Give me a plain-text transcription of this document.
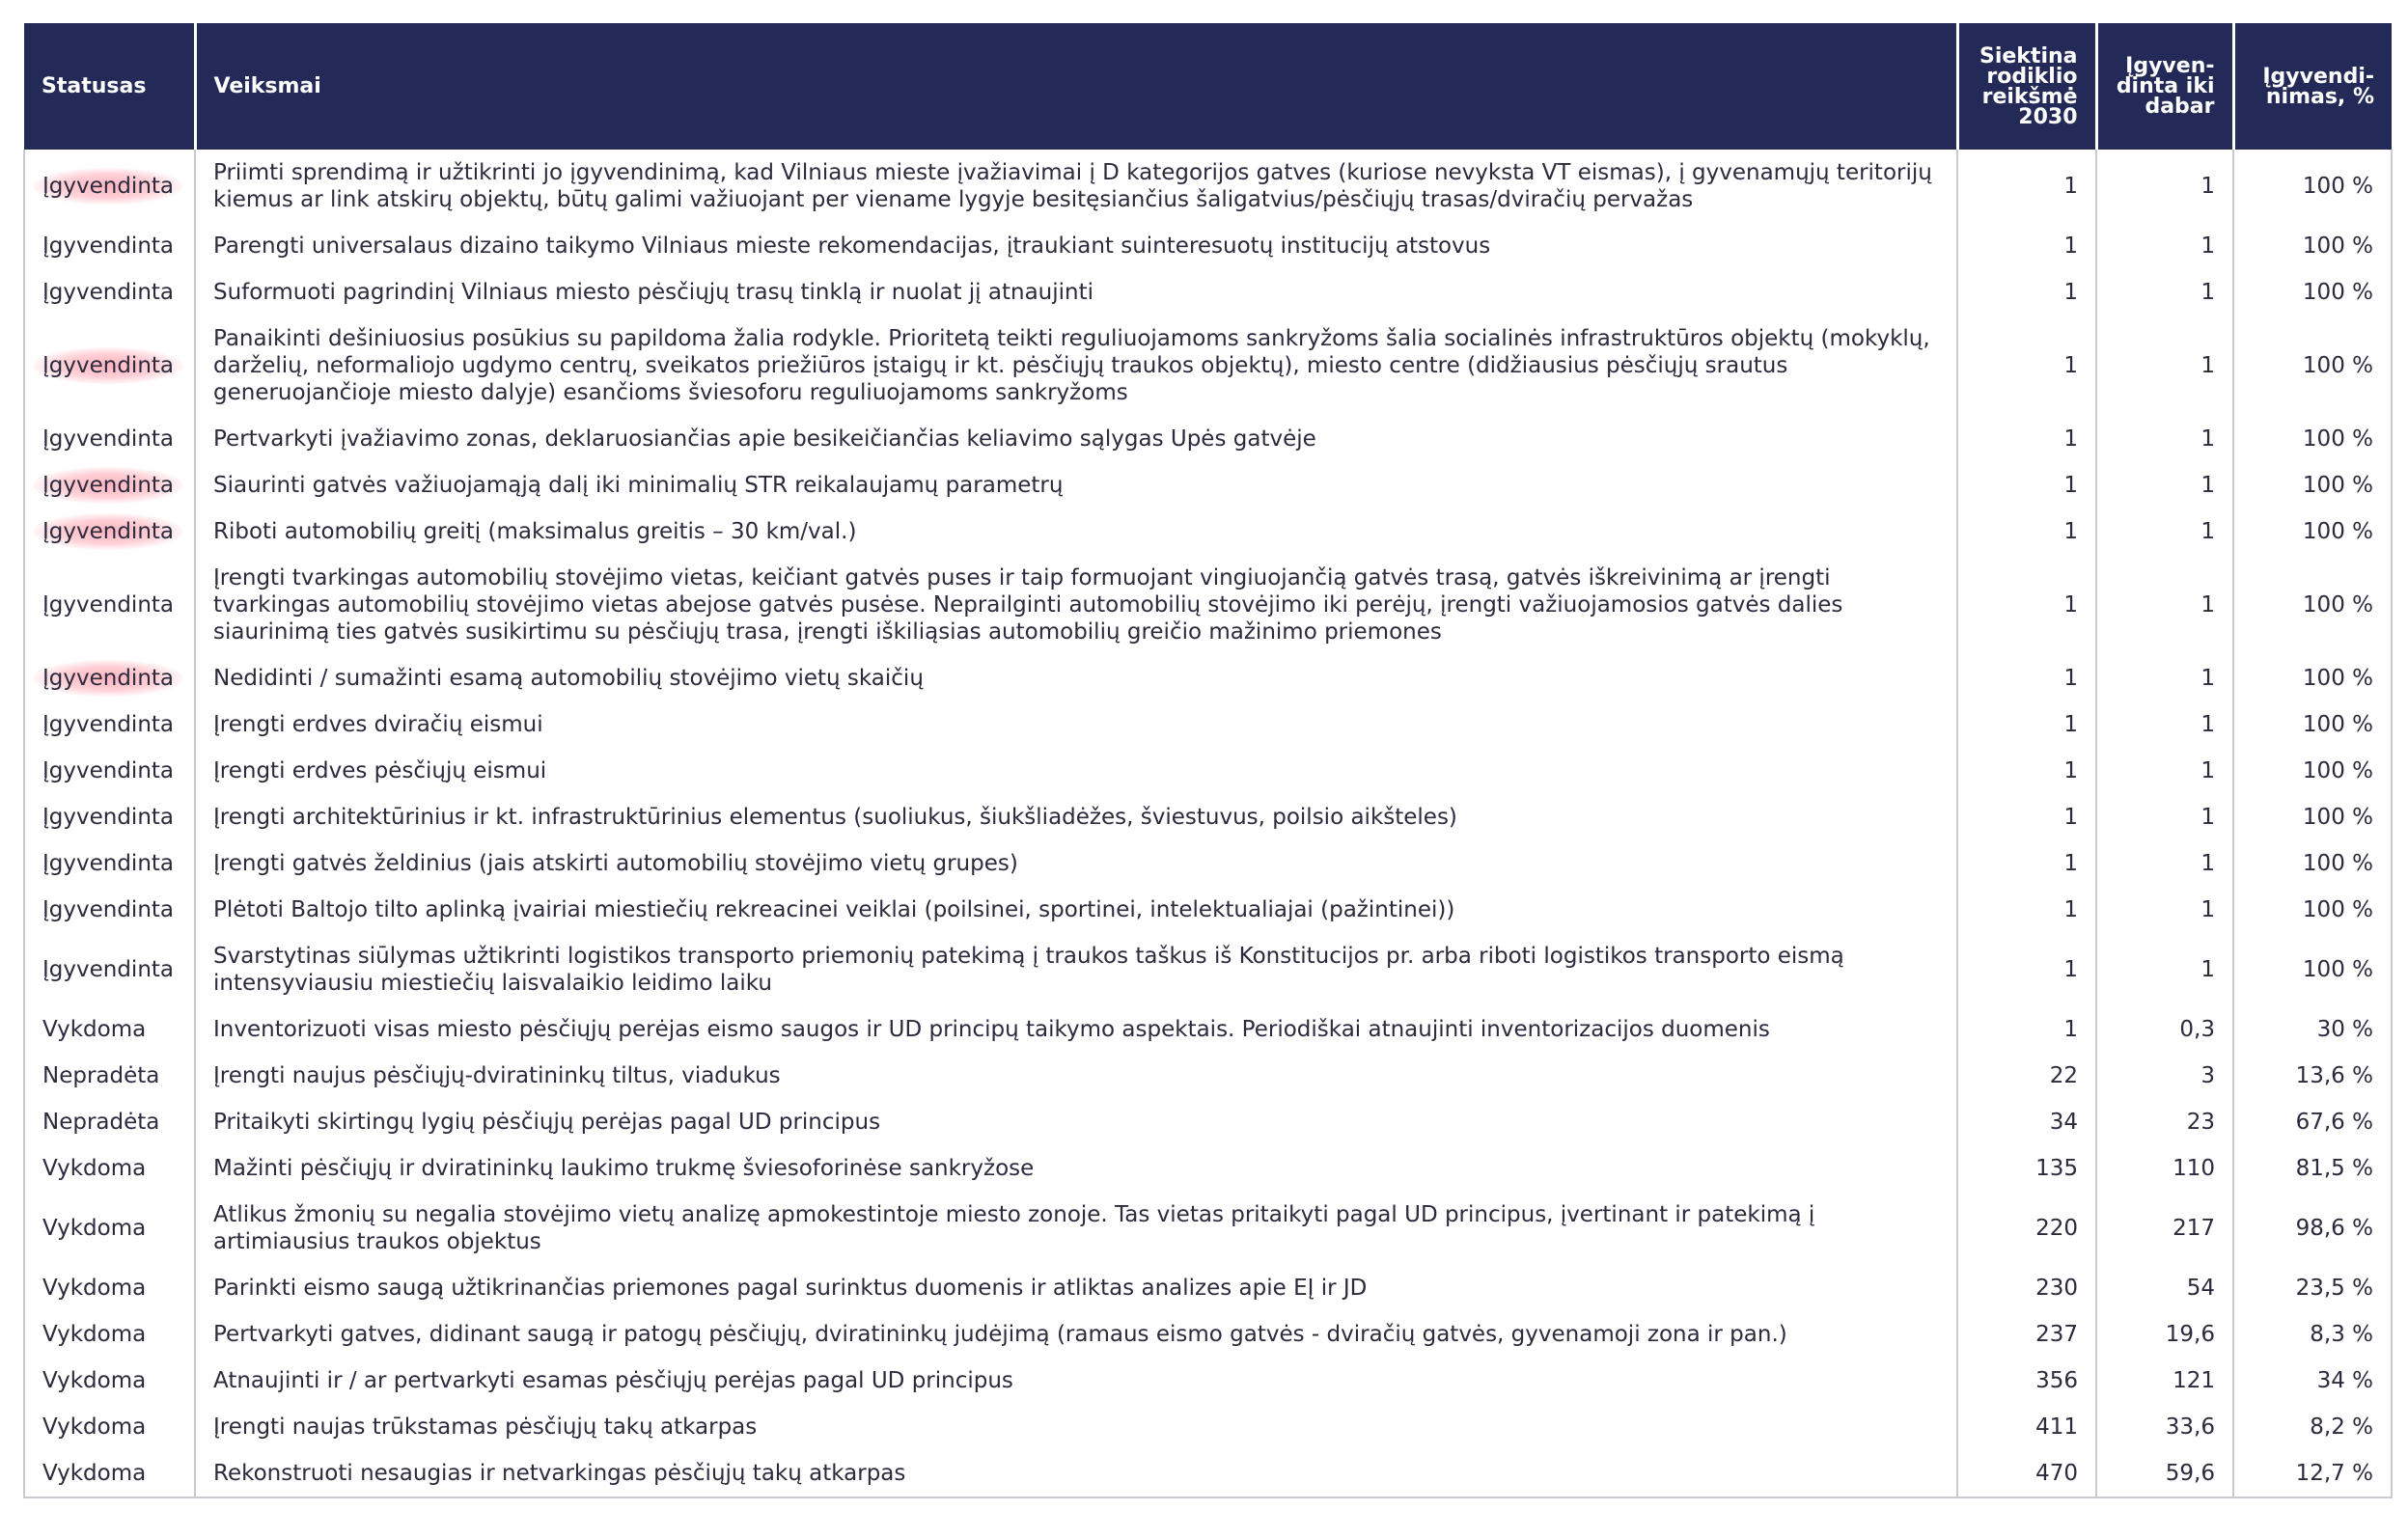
Statusas	Veiksmai	Siektina rodiklio reikšmė 2030	Įgyven-dinta iki dabar	Įgyvendi-nimas, %
Įgyvendinta	Priimti sprendimą ir užtikrinti jo įgyvendinimą, kad Vilniaus mieste įvažiavimai į D kategorijos gatves (kuriose nevyksta VT eismas), į gyvenamųjų teritorijų kiemus ar link atskirų objektų, būtų galimi važiuojant per viename lygyje besitęsiančius šaligatvius/pėsčiųjų trasas/dviračių pervažas	1	1	100 %
Įgyvendinta	Parengti universalaus dizaino taikymo Vilniaus mieste rekomendacijas, įtraukiant suinteresuotų institucijų atstovus	1	1	100 %
Įgyvendinta	Suformuoti pagrindinį Vilniaus miesto pėsčiųjų trasų tinklą ir nuolat jį atnaujinti	1	1	100 %
Įgyvendinta	Panaikinti dešiniuosius posūkius su papildoma žalia rodykle. Prioritetą teikti reguliuojamoms sankryžoms šalia socialinės infrastruktūros objektų (mokyklų, darželių, neformaliojo ugdymo centrų, sveikatos priežiūros įstaigų ir kt. pėsčiųjų traukos objektų), miesto centre (didžiausius pėsčiųjų srautus generuojančioje miesto dalyje) esančioms šviesoforu reguliuojamoms sankryžoms	1	1	100 %
Įgyvendinta	Pertvarkyti įvažiavimo zonas, deklaruosiančias apie besikeičiančias keliavimo sąlygas Upės gatvėje	1	1	100 %
Įgyvendinta	Siaurinti gatvės važiuojamąją dalį iki minimalių STR reikalaujamų parametrų	1	1	100 %
Įgyvendinta	Riboti automobilių greitį (maksimalus greitis – 30 km/val.)	1	1	100 %
Įgyvendinta	Įrengti tvarkingas automobilių stovėjimo vietas, keičiant gatvės puses ir taip formuojant vingiuojančią gatvės trasą, gatvės iškreivinimą ar įrengti tvarkingas automobilių stovėjimo vietas abejose gatvės pusėse. Neprailginti automobilių stovėjimo iki perėjų, įrengti važiuojamosios gatvės dalies siaurinimą ties gatvės susikirtimu su pėsčiųjų trasa, įrengti iškiliąsias automobilių greičio mažinimo priemones	1	1	100 %
Įgyvendinta	Nedidinti / sumažinti esamą automobilių stovėjimo vietų skaičių	1	1	100 %
Įgyvendinta	Įrengti erdves dviračių eismui	1	1	100 %
Įgyvendinta	Įrengti erdves pėsčiųjų eismui	1	1	100 %
Įgyvendinta	Įrengti architektūrinius ir kt. infrastruktūrinius elementus (suoliukus, šiukšliadėžes, šviestuvus, poilsio aikšteles)	1	1	100 %
Įgyvendinta	Įrengti gatvės želdinius (jais atskirti automobilių stovėjimo vietų grupes)	1	1	100 %
Įgyvendinta	Plėtoti Baltojo tilto aplinką įvairiai miestiečių rekreacinei veiklai (poilsinei, sportinei, intelektualiajai (pažintinei))	1	1	100 %
Įgyvendinta	Svarstytinas siūlymas užtikrinti logistikos transporto priemonių patekimą į traukos taškus iš Konstitucijos pr. arba riboti logistikos transporto eismą intensyviausiu miestiečių laisvalaikio leidimo laiku	1	1	100 %
Vykdoma	Inventorizuoti visas miesto pėsčiųjų perėjas eismo saugos ir UD principų taikymo aspektais. Periodiškai atnaujinti inventorizacijos duomenis	1	0,3	30 %
Nepradėta	Įrengti naujus pėsčiųjų-dviratininkų tiltus, viadukus	22	3	13,6 %
Nepradėta	Pritaikyti skirtingų lygių pėsčiųjų perėjas pagal UD principus	34	23	67,6 %
Vykdoma	Mažinti pėsčiųjų ir dviratininkų laukimo trukmę šviesoforinėse sankryžose	135	110	81,5 %
Vykdoma	Atlikus žmonių su negalia stovėjimo vietų analizę apmokestintoje miesto zonoje. Tas vietas pritaikyti pagal UD principus, įvertinant ir patekimą į artimiausius traukos objektus	220	217	98,6 %
Vykdoma	Parinkti eismo saugą užtikrinančias priemones pagal surinktus duomenis ir atliktas analizes apie EĮ ir JD	230	54	23,5 %
Vykdoma	Pertvarkyti gatves, didinant saugą ir patogų pėsčiųjų, dviratininkų judėjimą (ramaus eismo gatvės - dviračių gatvės, gyvenamoji zona ir pan.)	237	19,6	8,3 %
Vykdoma	Atnaujinti ir / ar pertvarkyti esamas pėsčiųjų perėjas pagal UD principus	356	121	34 %
Vykdoma	Įrengti naujas trūkstamas pėsčiųjų takų atkarpas	411	33,6	8,2 %
Vykdoma	Rekonstruoti nesaugias ir netvarkingas pėsčiųjų takų atkarpas	470	59,6	12,7 %
